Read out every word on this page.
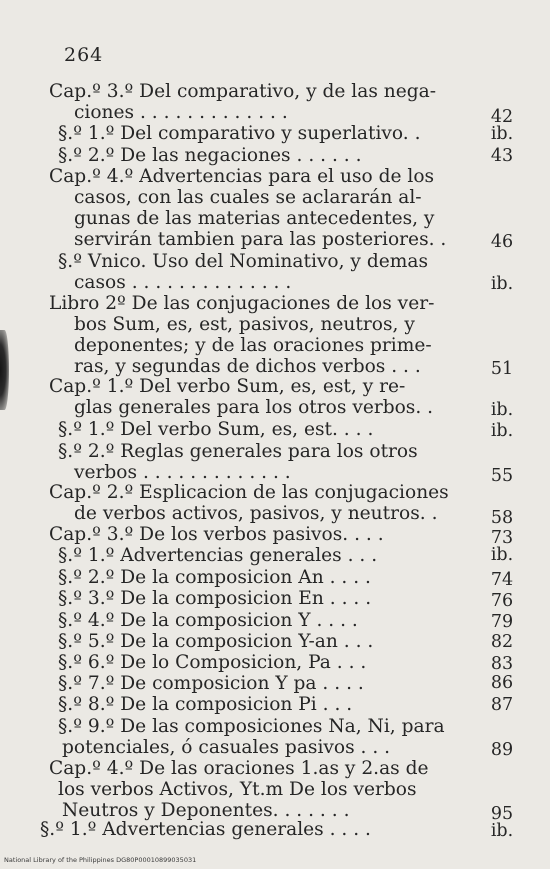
264
Cap.º 3.º Del comparativo, y de las nega-
ciones . . . . . . . . . . . . .	42
§.º 1.º Del comparativo y superlativo. .	ib.
§.º 2.º De las negaciones . . . . . .	43
Cap.º 4.º Advertencias para el uso de los
casos, con las cuales se aclararán al-
gunas de las materias antecedentes, y
servirán tambien para las posteriores. .	46
§.º Vnico. Uso del Nominativo, y demas
casos . . . . . . . . . . . . . .	ib.
Libro 2º De las conjugaciones de los ver-
bos Sum, es, est, pasivos, neutros, y
deponentes; y de las oraciones prime-
ras, y segundas de dichos verbos . . .	51
Cap.º 1.º Del verbo Sum, es, est, y re-
glas generales para los otros verbos. .	ib.
§.º 1.º Del verbo Sum, es, est. . . .	ib.
§.º 2.º Reglas generales para los otros
verbos . . . . . . . . . . . . .	55
Cap.º 2.º Esplicacion de las conjugaciones
de verbos activos, pasivos, y neutros. .	58
Cap.º 3.º De los verbos pasivos. . . .	73
§.º 1.º Advertencias generales . . .	ib.
§.º 2.º De la composicion An . . . .	74
§.º 3.º De la composicion En . . . .	76
§.º 4.º De la composicion Y . . . .	79
§.º 5.º De la composicion Y-an . . .	82
§.º 6.º De lo Composicion, Pa . . .	83
§.º 7.º De composicion Y pa . . . .	86
§.º 8.º De la composicion Pi . . .	87
§.º 9.º De las composiciones Na, Ni, para
potenciales, ó casuales pasivos . . .	89
Cap.º 4.º De las oraciones 1.as y 2.as de
los verbos Activos, Yt.m De los verbos
Neutros y Deponentes. . . . . . .	95
§.º 1.º Advertencias generales . . . .	ib.
National Library of the Philippines DG80P00010899035031
